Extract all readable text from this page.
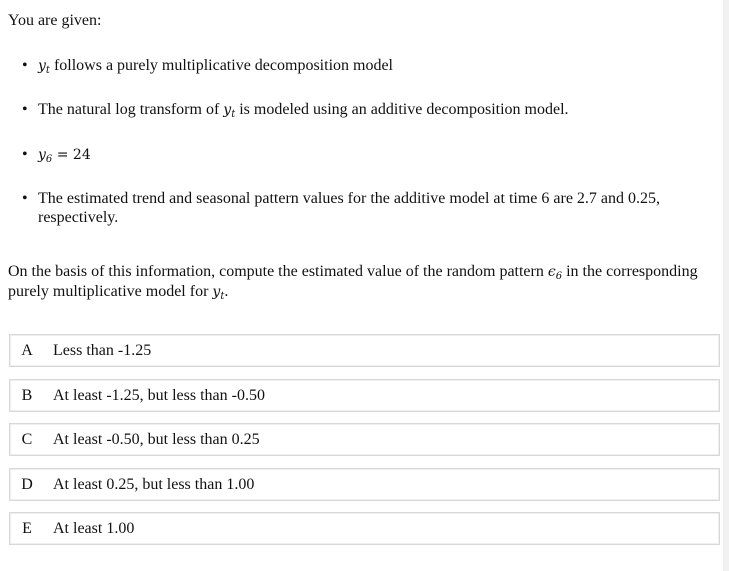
You are given:
• $y_t$ follows a purely multiplicative decomposition model
• The natural log transform of $y_t$ is modeled using an additive decomposition model.
• $y_6 = 24$
• The estimated trend and seasonal pattern values for the additive model at time 6 are 2.7 and 0.25, respectively.
On the basis of this information, compute the estimated value of the random pattern $\epsilon_6$ in the corresponding purely multiplicative model for $y_t$.
A	Less than -1.25
B	At least -1.25, but less than -0.50
C	At least -0.50, but less than 0.25
D	At least 0.25, but less than 1.00
E	At least 1.00
